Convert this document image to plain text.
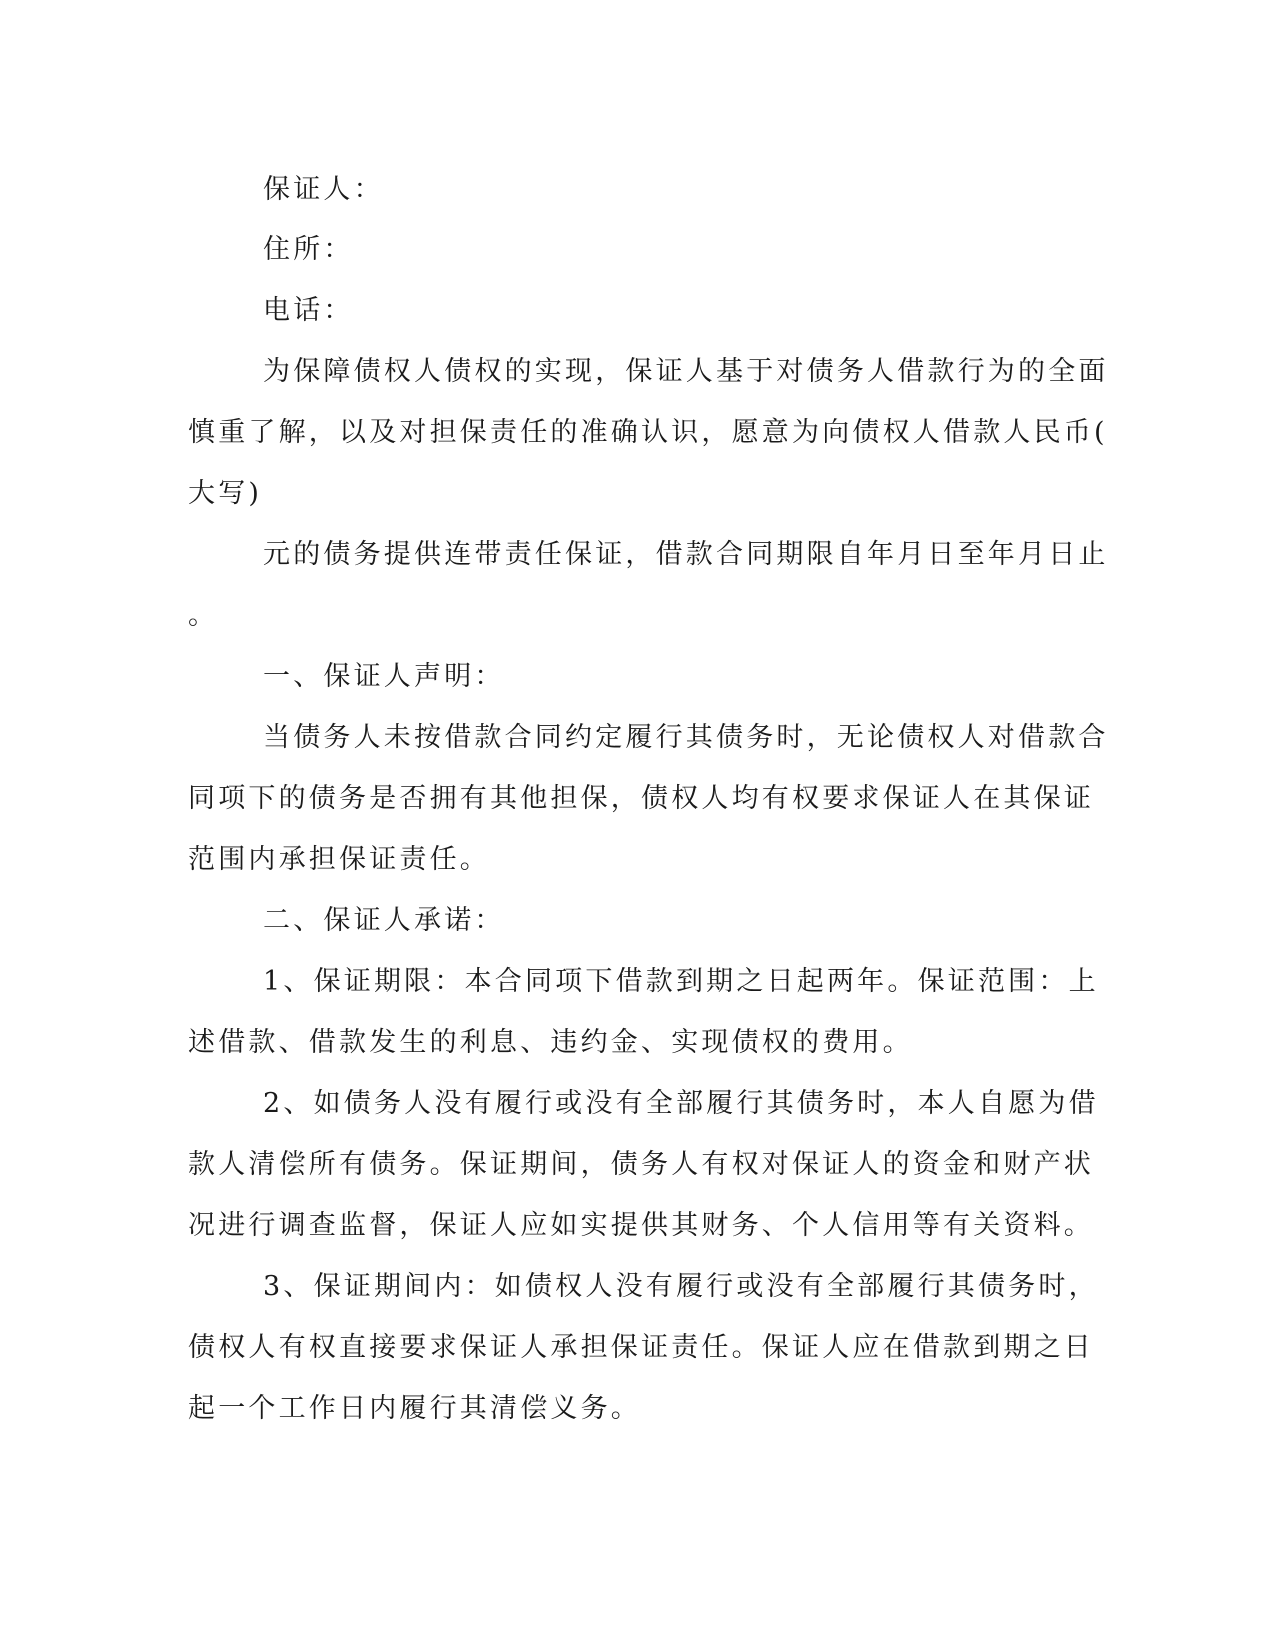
保证人：

住所：

电话：

为保障债权人债权的实现，保证人基于对债务人借款行为的全面

慎重了解，以及对担保责任的准确认识，愿意为向债权人借款人民币(

大写)

元的债务提供连带责任保证，借款合同期限自年月日至年月日止

。

一、保证人声明：

当债务人未按借款合同约定履行其债务时，无论债权人对借款合

同项下的债务是否拥有其他担保，债权人均有权要求保证人在其保证

范围内承担保证责任。

二、保证人承诺：

1、保证期限：本合同项下借款到期之日起两年。保证范围：上

述借款、借款发生的利息、违约金、实现债权的费用。

2、如债务人没有履行或没有全部履行其债务时，本人自愿为借

款人清偿所有债务。保证期间，债务人有权对保证人的资金和财产状

况进行调查监督，保证人应如实提供其财务、个人信用等有关资料。

3、保证期间内：如债权人没有履行或没有全部履行其债务时，

债权人有权直接要求保证人承担保证责任。保证人应在借款到期之日

起一个工作日内履行其清偿义务。
